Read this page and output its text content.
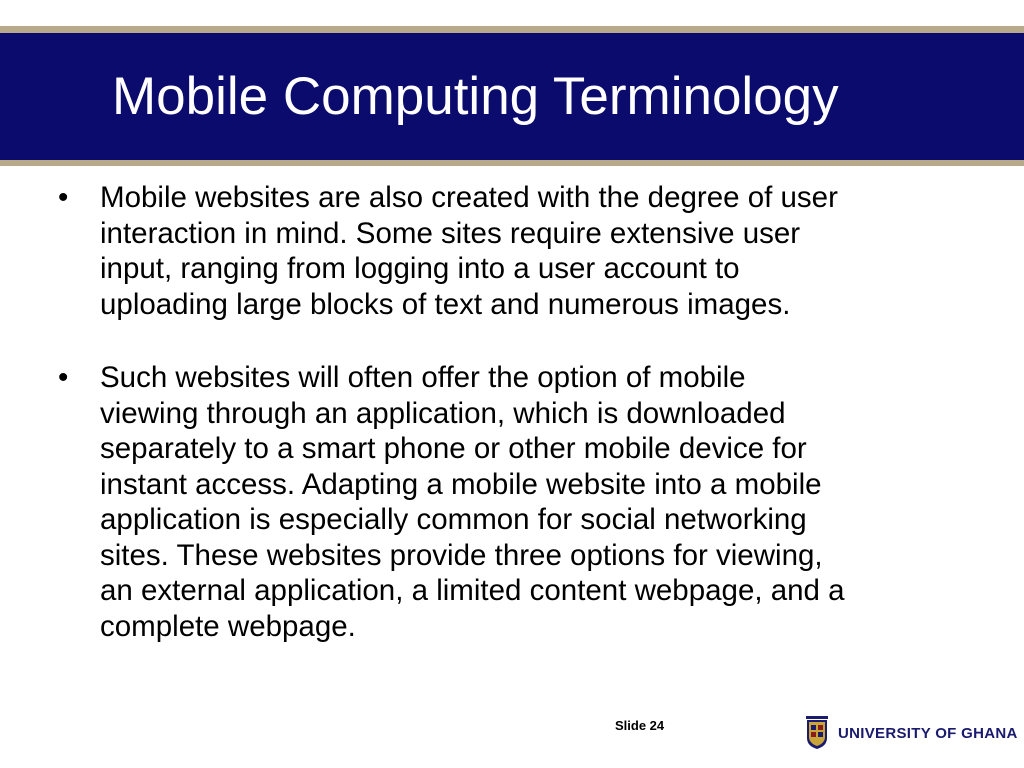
Mobile Computing Terminology
• Mobile websites are also created with the degree of user
interaction in mind. Some sites require extensive user
input, ranging from logging into a user account to
uploading large blocks of text and numerous images.
• Such websites will often offer the option of mobile
viewing through an application, which is downloaded
separately to a smart phone or other mobile device for
instant access. Adapting a mobile website into a mobile
application is especially common for social networking
sites. These websites provide three options for viewing,
an external application, a limited content webpage, and a
complete webpage.
Slide 24	UNIVERSITY OF GHANA
